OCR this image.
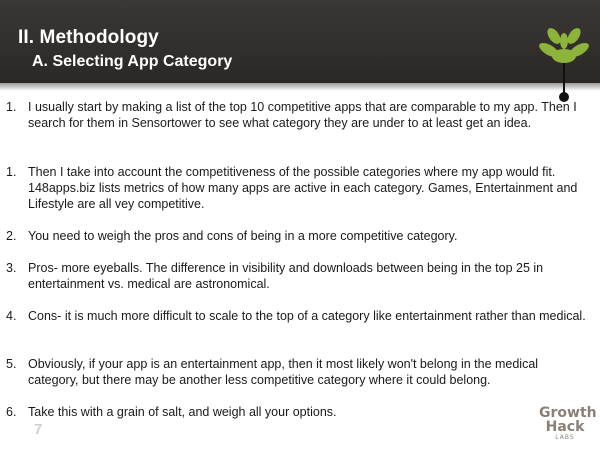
II. Methodology
A. Selecting App Category
1. I usually start by making a list of the top 10 competitive apps that are comparable to my app. Then I search for them in Sensortower to see what category they are under to at least get an idea.
1. Then I take into account the competitiveness of the possible categories where my app would fit. 148apps.biz lists metrics of how many apps are active in each category. Games, Entertainment and Lifestyle are all vey competitive.
2. You need to weigh the pros and cons of being in a more competitive category.
3. Pros- more eyeballs. The difference in visibility and downloads between being in the top 25 in entertainment vs. medical are astronomical.
4. Cons- it is much more difficult to scale to the top of a category like entertainment rather than medical.
5. Obviously, if your app is an entertainment app, then it most likely won't belong in the medical category, but there may be another less competitive category where it could belong.
6. Take this with a grain of salt, and weigh all your options.
7
Growth
Hack
LABS
